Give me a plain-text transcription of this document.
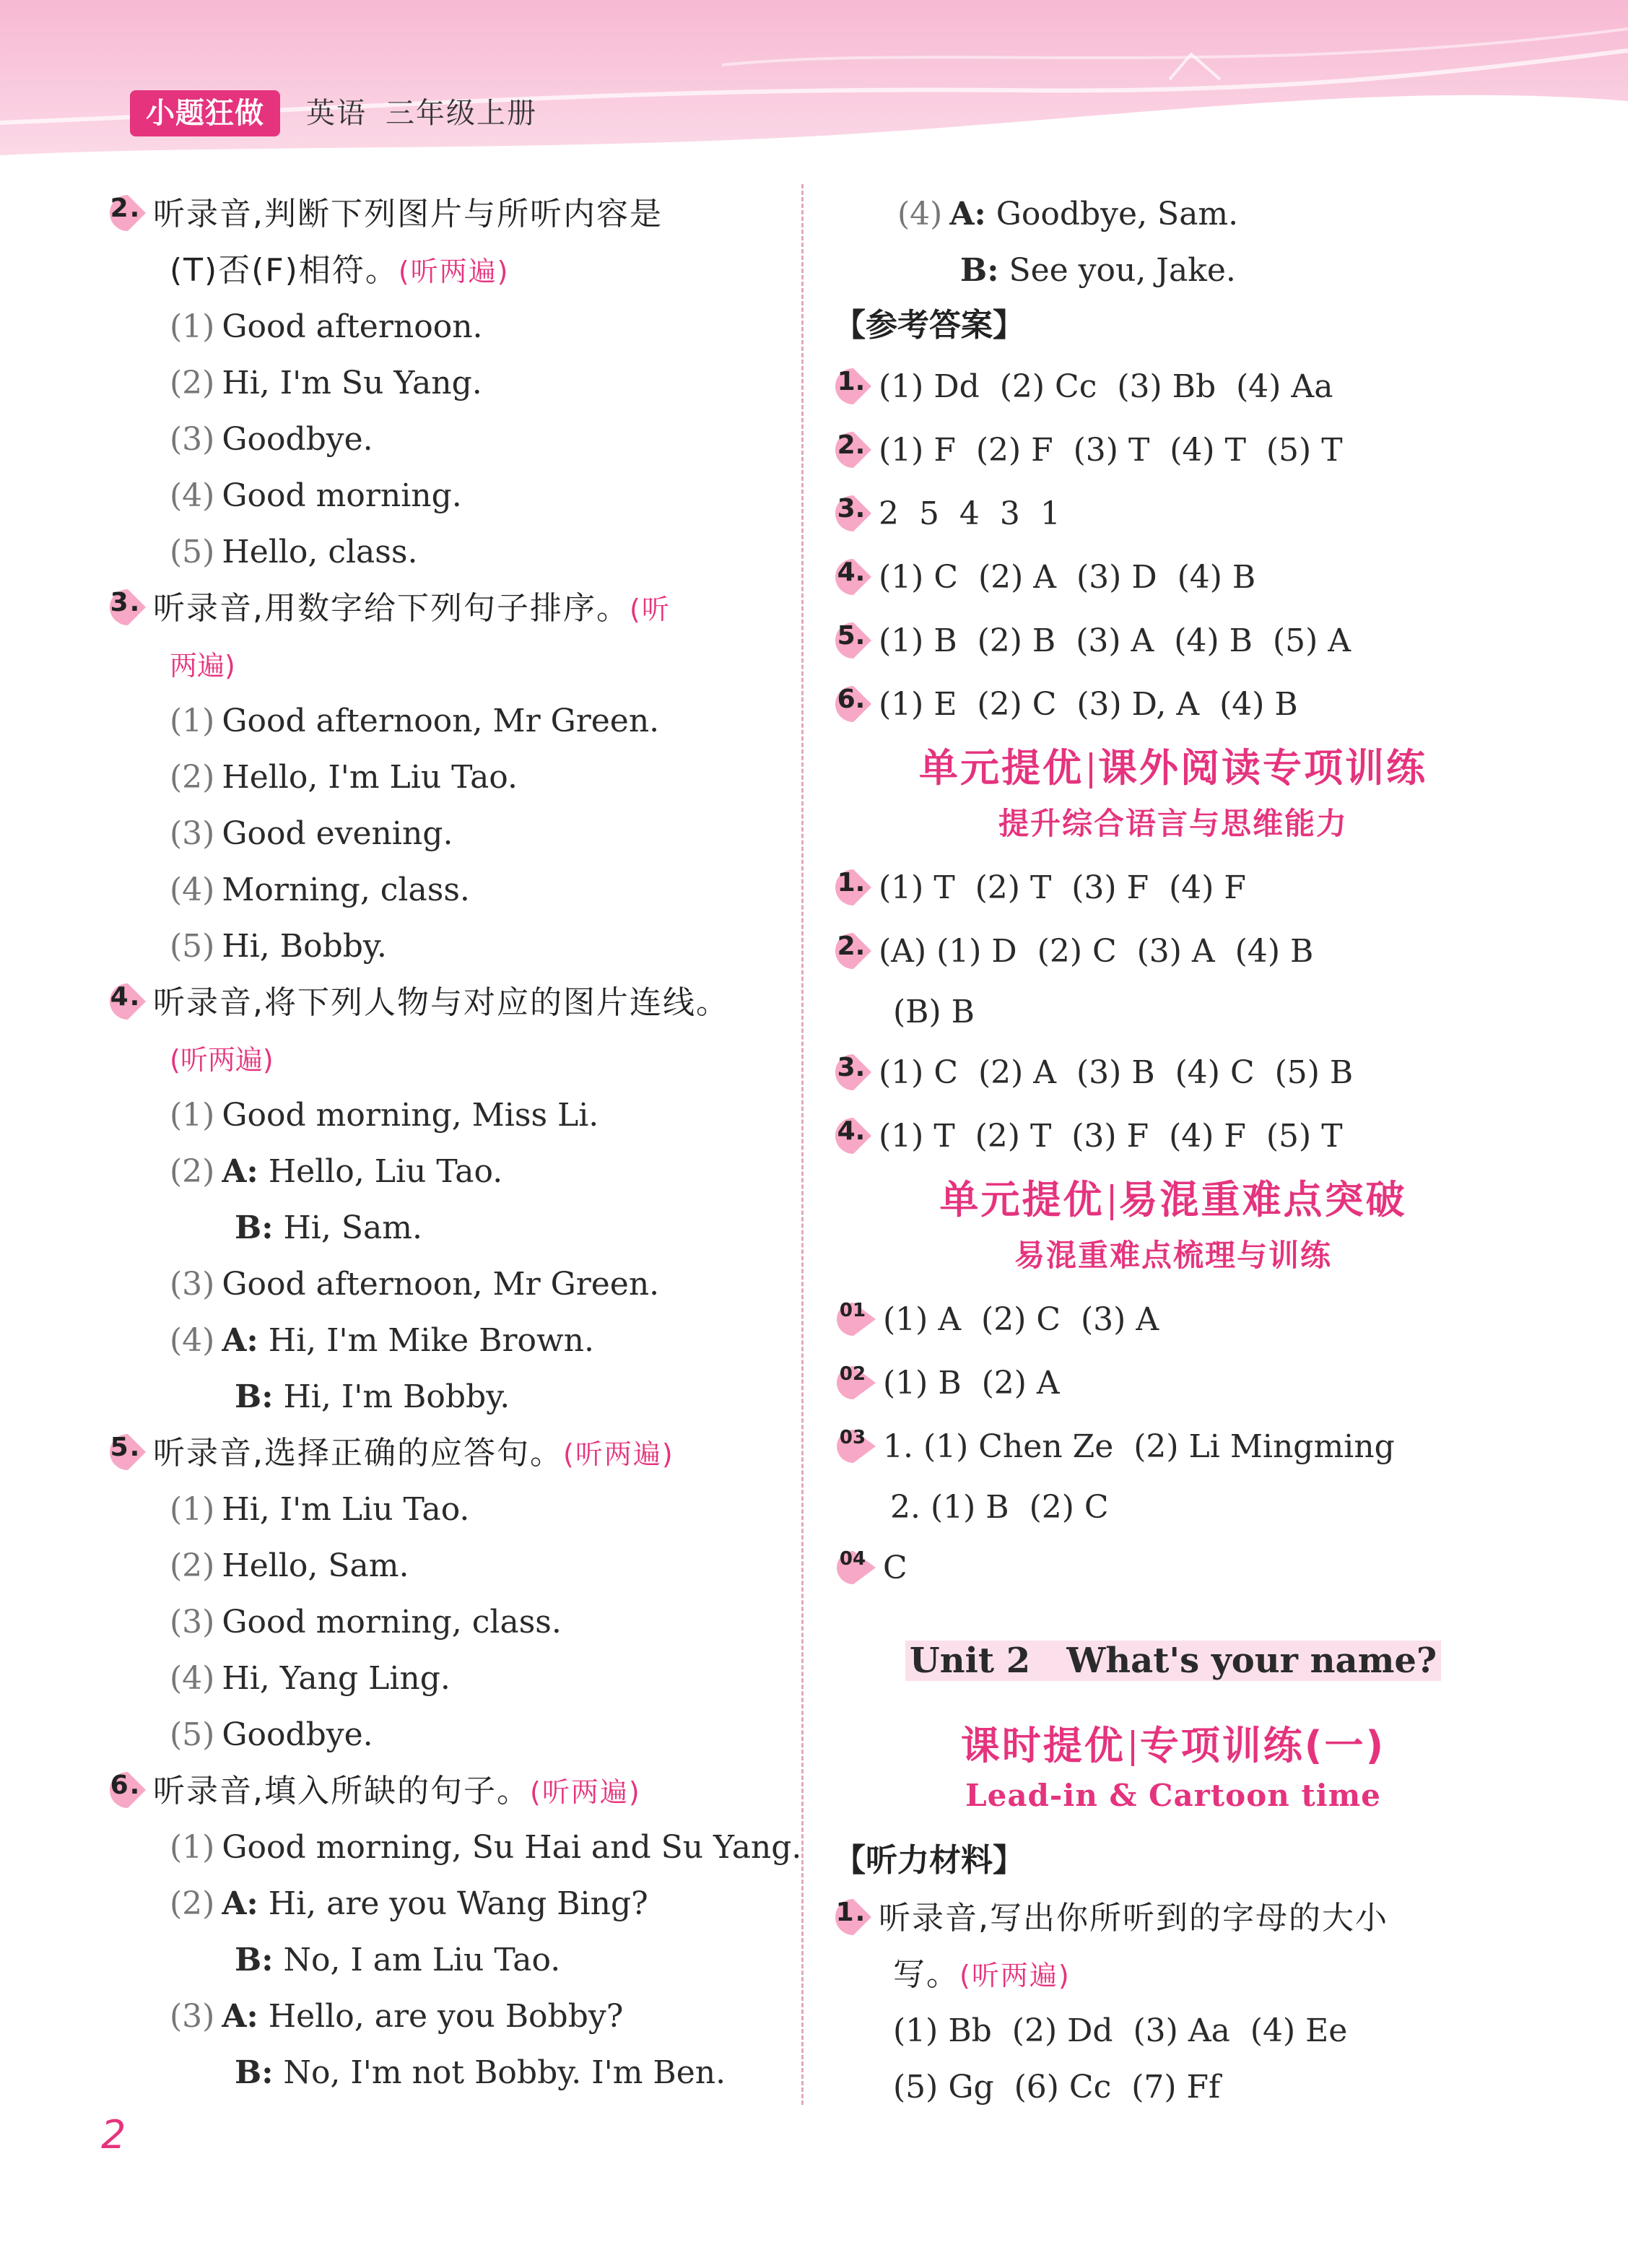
小题狂做	英语 三年级上册
2. 听录音,判断下列图片与所听内容是
(T)否(F)相符。(听两遍)
(1) Good afternoon.
(2) Hi, I'm Su Yang.
(3) Goodbye.
(4) Good morning.
(5) Hello, class.
3. 听录音,用数字给下列句子排序。(听
两遍)
(1) Good afternoon, Mr Green.
(2) Hello, I'm Liu Tao.
(3) Good evening.
(4) Morning, class.
(5) Hi, Bobby.
4. 听录音,将下列人物与对应的图片连线。
(听两遍)
(1) Good morning, Miss Li.
(2) A: Hello, Liu Tao.
B: Hi, Sam.
(3) Good afternoon, Mr Green.
(4) A: Hi, I'm Mike Brown.
B: Hi, I'm Bobby.
5. 听录音,选择正确的应答句。(听两遍)
(1) Hi, I'm Liu Tao.
(2) Hello, Sam.
(3) Good morning, class.
(4) Hi, Yang Ling.
(5) Goodbye.
6. 听录音,填入所缺的句子。(听两遍)
(1) Good morning, Su Hai and Su Yang.
(2) A: Hi, are you Wang Bing?
B: No, I am Liu Tao.
(3) A: Hello, are you Bobby?
B: No, I'm not Bobby. I'm Ben.
(4) A: Goodbye, Sam.
B: See you, Jake.
【参考答案】
1. (1) Dd  (2) Cc  (3) Bb  (4) Aa
2. (1) F  (2) F  (3) T  (4) T  (5) T
3. 2  5  4  3  1
4. (1) C  (2) A  (3) D  (4) B
5. (1) B  (2) B  (3) A  (4) B  (5) A
6. (1) E  (2) C  (3) D, A  (4) B
单元提优 课外阅读专项训练
提升综合语言与思维能力
1. (1) T  (2) T  (3) F  (4) F
2. (A) (1) D  (2) C  (3) A  (4) B
(B) B
3. (1) C  (2) A  (3) B  (4) C  (5) B
4. (1) T  (2) T  (3) F  (4) F  (5) T
单元提优 易混重难点突破
易混重难点梳理与训练
01 (1) A  (2) C  (3) A
02 (1) B  (2) A
03 1. (1) Chen Ze  (2) Li Mingming
2. (1) B  (2) C
04 C
Unit 2   What's your name?
课时提优 专项训练(一)
Lead-in & Cartoon time
【听力材料】
1. 听录音,写出你所听到的字母的大小
写。(听两遍)
(1) Bb  (2) Dd  (3) Aa  (4) Ee
(5) Gg  (6) Cc  (7) Ff
2
